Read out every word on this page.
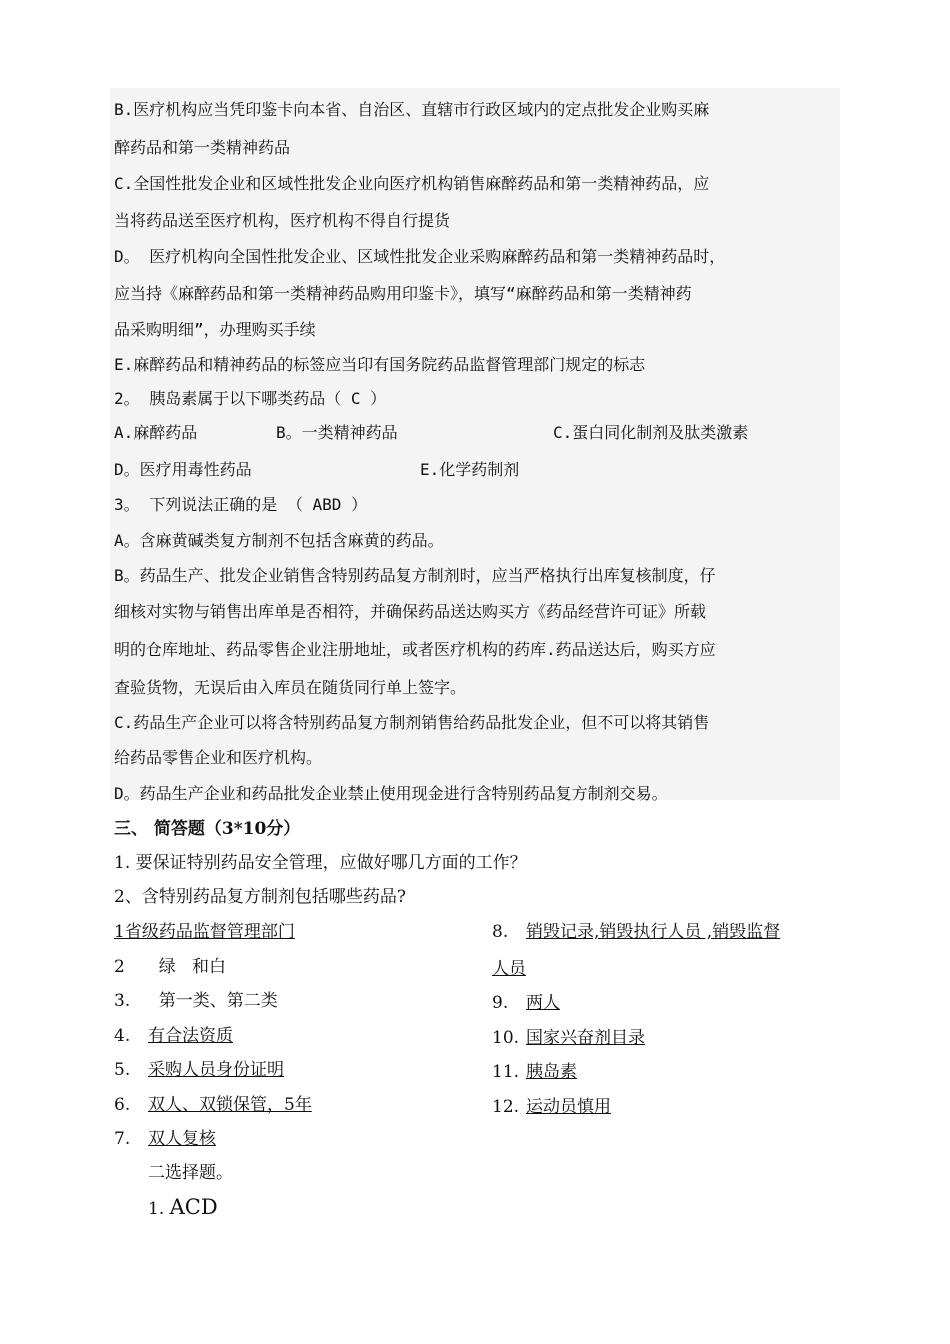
B.医疗机构应当凭印鉴卡向本省、自治区、直辖市行政区域内的定点批发企业购买麻
醉药品和第一类精神药品
C.全国性批发企业和区域性批发企业向医疗机构销售麻醉药品和第一类精神药品，应
当将药品送至医疗机构，医疗机构不得自行提货
D。 医疗机构向全国性批发企业、区域性批发企业采购麻醉药品和第一类精神药品时，
应当持《麻醉药品和第一类精神药品购用印鉴卡》，填写“麻醉药品和第一类精神药
品采购明细”，办理购买手续
E.麻醉药品和精神药品的标签应当印有国务院药品监督管理部门规定的标志
2。 胰岛素属于以下哪类药品（ C ）
A.麻醉药品	B。一类精神药品	C.蛋白同化制剂及肽类激素
D。医疗用毒性药品	E.化学药制剂
3。 下列说法正确的是 （ ABD ）
A。含麻黄碱类复方制剂不包括含麻黄的药品。
B。药品生产、批发企业销售含特别药品复方制剂时，应当严格执行出库复核制度，仔
细核对实物与销售出库单是否相符，并确保药品送达购买方《药品经营许可证》所载
明的仓库地址、药品零售企业注册地址，或者医疗机构的药库.药品送达后，购买方应
查验货物，无误后由入库员在随货同行单上签字。
C.药品生产企业可以将含特别药品复方制剂销售给药品批发企业，但不可以将其销售
给药品零售企业和医疗机构。
D。药品生产企业和药品批发企业禁止使用现金进行含特别药品复方制剂交易。
三、 简答题（3*10分）
1. 要保证特别药品安全管理，应做好哪几方面的工作？
2、含特别药品复方制剂包括哪些药品?
1省级药品监督管理部门
2  绿   和白
3.  第一类、第二类
4. 有合法资质
5. 采购人员身份证明
6. 双人、双锁保管，5年
7. 双人复核
8. 销毁记录,销毁执行人员 ,销毁监督
人员
9. 两人
10. 国家兴奋剂目录
11. 胰岛素
12. 运动员慎用
二选择题。
1. ACD
